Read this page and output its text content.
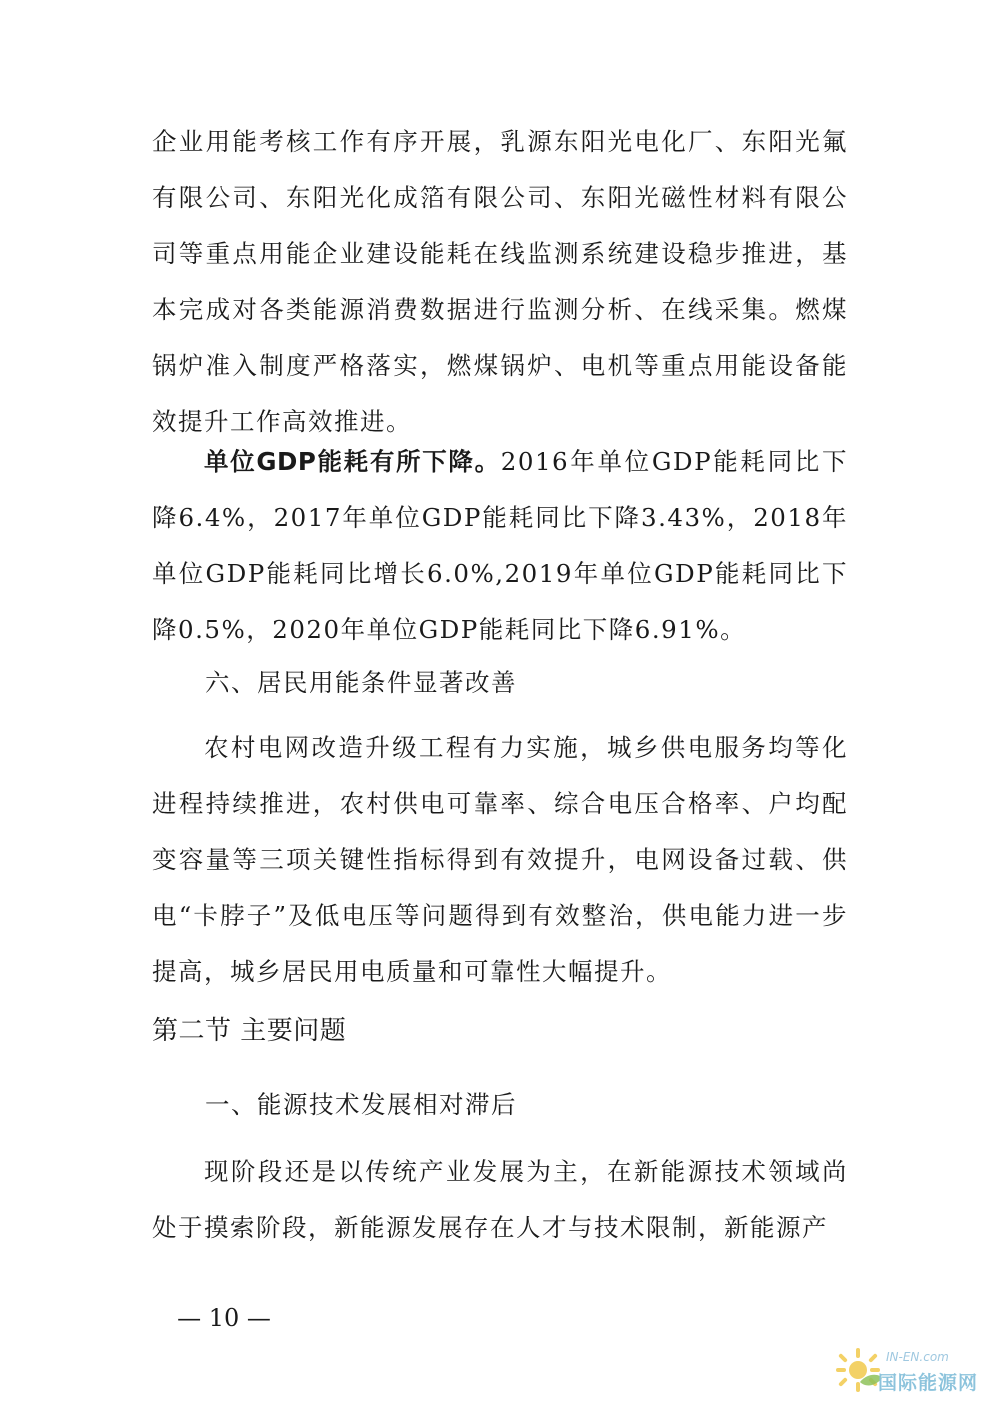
企业用能考核工作有序开展，乳源东阳光电化厂、东阳光氟有限公司、东阳光化成箔有限公司、东阳光磁性材料有限公司等重点用能企业建设能耗在线监测系统建设稳步推进，基本完成对各类能源消费数据进行监测分析、在线采集。燃煤锅炉准入制度严格落实，燃煤锅炉、电机等重点用能设备能效提升工作高效推进。

单位GDP能耗有所下降。2016年单位GDP能耗同比下降6.4%，2017年单位GDP能耗同比下降3.43%，2018年单位GDP能耗同比增长6.0%,2019年单位GDP能耗同比下降0.5%，2020年单位GDP能耗同比下降6.91%。

六、居民用能条件显著改善

农村电网改造升级工程有力实施，城乡供电服务均等化进程持续推进，农村供电可靠率、综合电压合格率、户均配变容量等三项关键性指标得到有效提升，电网设备过载、供电“卡脖子”及低电压等问题得到有效整治，供电能力进一步提高，城乡居民用电质量和可靠性大幅提升。

第二节 主要问题

一、能源技术发展相对滞后

现阶段还是以传统产业发展为主，在新能源技术领域尚处于摸索阶段，新能源发展存在人才与技术限制，新能源产

— 10 —

IN-EN.com
国际能源网
